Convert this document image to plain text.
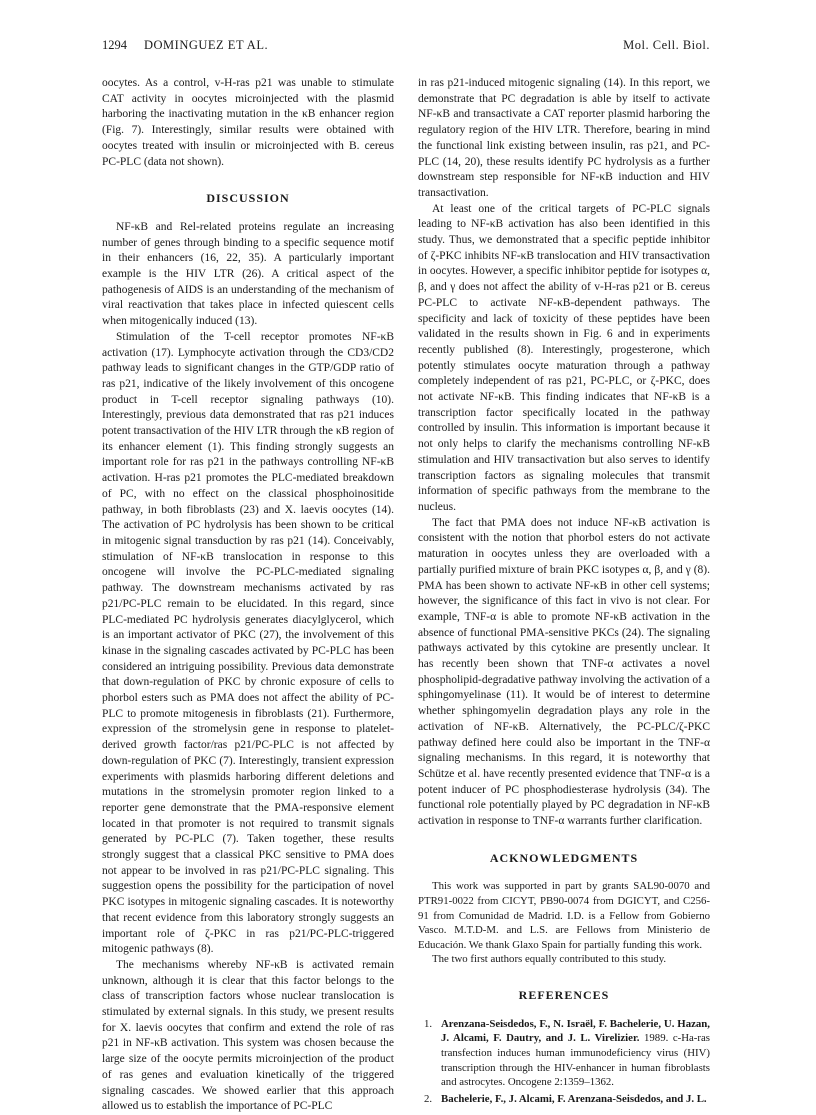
1294 DOMINGUEZ ET AL.	Mol. Cell. Biol.

oocytes. As a control, v-H-ras p21 was unable to stimulate CAT activity in oocytes microinjected with the plasmid harboring the inactivating mutation in the κB enhancer region (Fig. 7). Interestingly, similar results were obtained with oocytes treated with insulin or microinjected with B. cereus PC-PLC (data not shown).

DISCUSSION

NF-κB and Rel-related proteins regulate an increasing number of genes through binding to a specific sequence motif in their enhancers (16, 22, 35). A particularly important example is the HIV LTR (26). A critical aspect of the pathogenesis of AIDS is an understanding of the mechanism of viral reactivation that takes place in infected quiescent cells when mitogenically induced (13).

Stimulation of the T-cell receptor promotes NF-κB activation (17). Lymphocyte activation through the CD3/CD2 pathway leads to significant changes in the GTP/GDP ratio of ras p21, indicative of the likely involvement of this oncogene product in T-cell receptor signaling pathways (10). Interestingly, previous data demonstrated that ras p21 induces potent transactivation of the HIV LTR through the κB region of its enhancer element (1). This finding strongly suggests an important role for ras p21 in the pathways controlling NF-κB activation. H-ras p21 promotes the PLC-mediated breakdown of PC, with no effect on the classical phosphoinositide pathway, in both fibroblasts (23) and X. laevis oocytes (14). The activation of PC hydrolysis has been shown to be critical in mitogenic signal transduction by ras p21 (14). Conceivably, stimulation of NF-κB translocation in response to this oncogene will involve the PC-PLC-mediated signaling pathway. The downstream mechanisms activated by ras p21/PC-PLC remain to be elucidated. In this regard, since PLC-mediated PC hydrolysis generates diacylglycerol, which is an important activator of PKC (27), the involvement of this kinase in the signaling cascades activated by PC-PLC has been considered an intriguing possibility. Previous data demonstrate that down-regulation of PKC by chronic exposure of cells to phorbol esters such as PMA does not affect the ability of PC-PLC to promote mitogenesis in fibroblasts (21). Furthermore, expression of the stromelysin gene in response to platelet-derived growth factor/ras p21/PC-PLC is not affected by down-regulation of PKC (7). Interestingly, transient expression experiments with plasmids harboring different deletions and mutations in the stromelysin promoter region linked to a reporter gene demonstrate that the PMA-responsive element located in that promoter is not required to transmit signals generated by PC-PLC (7). Taken together, these results strongly suggest that a classical PKC sensitive to PMA does not appear to be involved in ras p21/PC-PLC signaling. This suggestion opens the possibility for the participation of novel PKC isotypes in mitogenic signaling cascades. It is noteworthy that recent evidence from this laboratory strongly suggests an important role of ζ-PKC in ras p21/PC-PLC-triggered mitogenic pathways (8).

The mechanisms whereby NF-κB is activated remain unknown, although it is clear that this factor belongs to the class of transcription factors whose nuclear translocation is stimulated by external signals. In this study, we present results for X. laevis oocytes that confirm and extend the role of ras p21 in NF-κB activation. This system was chosen because the large size of the oocyte permits microinjection of the product of ras genes and evaluation kinetically of the triggered signaling cascades. We showed earlier that this approach allowed us to establish the importance of PC-PLC

in ras p21-induced mitogenic signaling (14). In this report, we demonstrate that PC degradation is able by itself to activate NF-κB and transactivate a CAT reporter plasmid harboring the regulatory region of the HIV LTR. Therefore, bearing in mind the functional link existing between insulin, ras p21, and PC-PLC (14, 20), these results identify PC hydrolysis as a further downstream step responsible for NF-κB induction and HIV transactivation.

At least one of the critical targets of PC-PLC signals leading to NF-κB activation has also been identified in this study. Thus, we demonstrated that a specific peptide inhibitor of ζ-PKC inhibits NF-κB translocation and HIV transactivation in oocytes. However, a specific inhibitor peptide for isotypes α, β, and γ does not affect the ability of v-H-ras p21 or B. cereus PC-PLC to activate NF-κB-dependent pathways. The specificity and lack of toxicity of these peptides have been validated in the results shown in Fig. 6 and in experiments recently published (8). Interestingly, progesterone, which potently stimulates oocyte maturation through a pathway completely independent of ras p21, PC-PLC, or ζ-PKC, does not activate NF-κB. This finding indicates that NF-κB is a transcription factor specifically located in the pathway controlled by insulin. This information is important because it not only helps to clarify the mechanisms controlling NF-κB stimulation and HIV transactivation but also serves to identify transcription factors as signaling molecules that transmit information of specific pathways from the membrane to the nucleus.

The fact that PMA does not induce NF-κB activation is consistent with the notion that phorbol esters do not activate maturation in oocytes unless they are overloaded with a partially purified mixture of brain PKC isotypes α, β, and γ (8). PMA has been shown to activate NF-κB in other cell systems; however, the significance of this fact in vivo is not clear. For example, TNF-α is able to promote NF-κB activation in the absence of functional PMA-sensitive PKCs (24). The signaling pathways activated by this cytokine are presently unclear. It has recently been shown that TNF-α activates a novel phospholipid-degradative pathway involving the activation of a sphingomyelinase (11). It would be of interest to determine whether sphingomyelin degradation plays any role in the activation of NF-κB. Alternatively, the PC-PLC/ζ-PKC pathway defined here could also be important in the TNF-α signaling mechanisms. In this regard, it is noteworthy that Schütze et al. have recently presented evidence that TNF-α is a potent inducer of PC phosphodiesterase hydrolysis (34). The functional role potentially played by PC degradation in NF-κB activation in response to TNF-α warrants further clarification.

ACKNOWLEDGMENTS

This work was supported in part by grants SAL90-0070 and PTR91-0022 from CICYT, PB90-0074 from DGICYT, and C256-91 from Comunidad de Madrid. I.D. is a Fellow from Gobierno Vasco. M.T.D-M. and L.S. are Fellows from Ministerio de Educación. We thank Glaxo Spain for partially funding this work.

The two first authors equally contributed to this study.

REFERENCES
1. Arenzana-Seisdedos, F., N. Israël, F. Bachelerie, U. Hazan, J. Alcami, F. Dautry, and J. L. Virelizier. 1989. c-Ha-ras transfection induces human immunodeficiency virus (HIV) transcription through the HIV-enhancer in human fibroblasts and astrocytes. Oncogene 2:1359–1362.
2. Bachelerie, F., J. Alcami, F. Arenzana-Seisdedos, and J. L.
